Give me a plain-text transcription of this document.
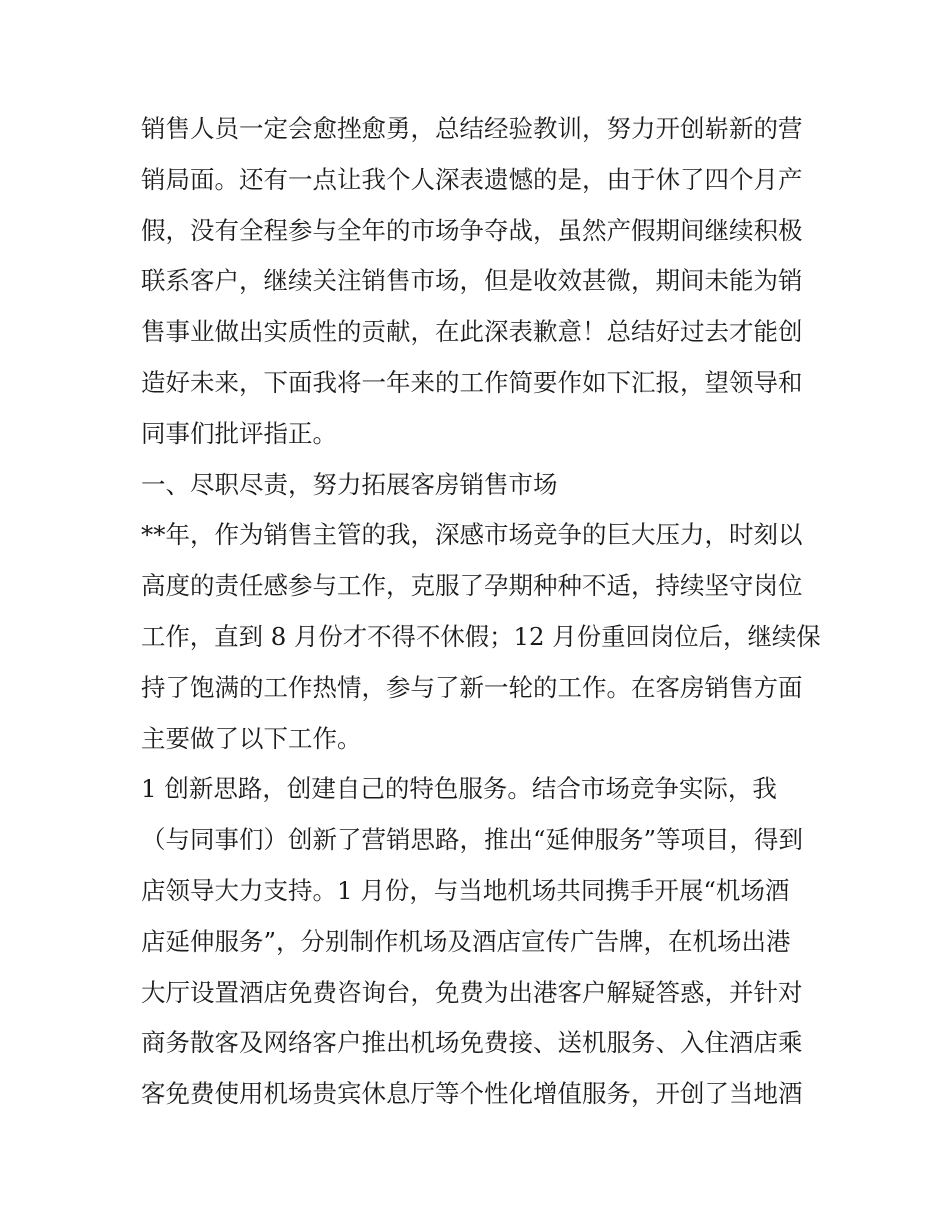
销售人员一定会愈挫愈勇，总结经验教训，努力开创崭新的营
销局面。还有一点让我个人深表遗憾的是，由于休了四个月产
假，没有全程参与全年的市场争夺战，虽然产假期间继续积极
联系客户，继续关注销售市场，但是收效甚微，期间未能为销
售事业做出实质性的贡献，在此深表歉意！总结好过去才能创
造好未来，下面我将一年来的工作简要作如下汇报，望领导和
同事们批评指正。
一、尽职尽责，努力拓展客房销售市场
**年，作为销售主管的我，深感市场竞争的巨大压力，时刻以
高度的责任感参与工作，克服了孕期种种不适，持续坚守岗位
工作，直到 8 月份才不得不休假；12 月份重回岗位后，继续保
持了饱满的工作热情，参与了新一轮的工作。在客房销售方面
主要做了以下工作。
1 创新思路，创建自己的特色服务。结合市场竞争实际，我
（与同事们）创新了营销思路，推出“延伸服务”等项目，得到
店领导大力支持。1 月份，与当地机场共同携手开展“机场酒
店延伸服务”，分别制作机场及酒店宣传广告牌，在机场出港
大厅设置酒店免费咨询台，免费为出港客户解疑答惑，并针对
商务散客及网络客户推出机场免费接、送机服务、入住酒店乘
客免费使用机场贵宾休息厅等个性化增值服务，开创了当地酒
